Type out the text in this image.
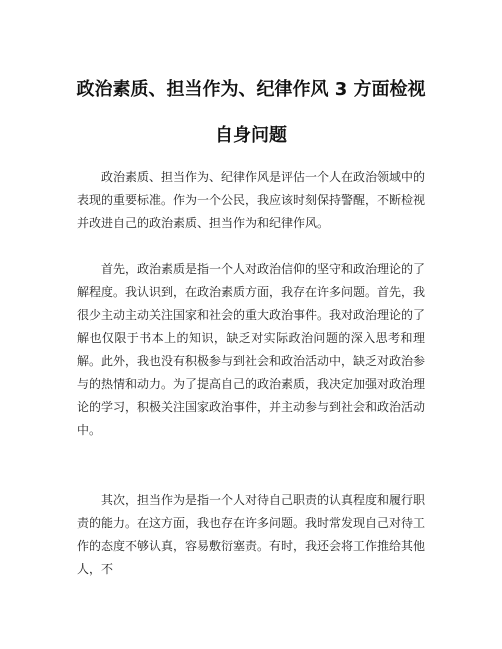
政治素质、担当作为、纪律作风 3 方面检视
自身问题

政治素质、担当作为、纪律作风是评估一个人在政治领域中的表现的重要标准。作为一个公民，我应该时刻保持警醒，不断检视并改进自己的政治素质、担当作为和纪律作风。

首先，政治素质是指一个人对政治信仰的坚守和政治理论的了解程度。我认识到，在政治素质方面，我存在许多问题。首先，我很少主动主动关注国家和社会的重大政治事件。我对政治理论的了解也仅限于书本上的知识，缺乏对实际政治问题的深入思考和理解。此外，我也没有积极参与到社会和政治活动中，缺乏对政治参与的热情和动力。为了提高自己的政治素质，我决定加强对政治理论的学习，积极关注国家政治事件，并主动参与到社会和政治活动中。

其次，担当作为是指一个人对待自己职责的认真程度和履行职责的能力。在这方面，我也存在许多问题。我时常发现自己对待工作的态度不够认真，容易敷衍塞责。有时，我还会将工作推给其他人，不
